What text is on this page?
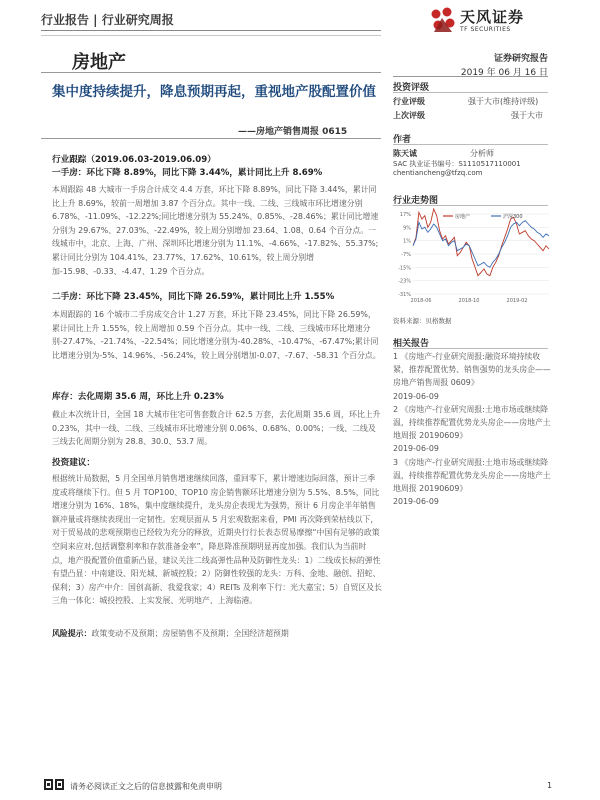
行业报告 | 行业研究周报	天风证券
TF SECURITIES
房地产	证券研究报告
2019 年 06 月 16 日
集中度持续提升，降息预期再起，重视地产股配置价值
——房地产销售周报 0615
投资评级
行业评级	强于大市(维持评级)
上次评级	强于大市
作者
陈天诚	分析师
SAC 执业证书编号：S1110517110001
chentiancheng@tfzq.com
行业走势图
17%
9%
1%
-7%
-15%
-23%
-31%
2018-06	2018-10	2019-02
房地产	沪深300
资料来源：贝格数据
相关报告
1 《房地产-行业研究周报:融资环境持续收紧，推荐配置优势、销售强势的龙头房企——房地产销售周报 0609》
2019-06-09
2 《房地产-行业研究周报:土地市场或继续降温，持续推荐配置优势龙头房企——房地产土地周报 20190609》
2019-06-09
3 《房地产-行业研究周报:土地市场或继续降温，持续推荐配置优势龙头房企——房地产土地周报 20190609》
2019-06-09
行业跟踪（2019.06.03-2019.06.09）
一手房：环比下降 8.89%，同比下降 3.44%，累计同比上升 8.69%
本周跟踪 48 大城市一手房合计成交 4.4 万套，环比下降 8.89%，同比下降 3.44%，累计同比上升 8.69%，较前一周增加 3.87 个百分点。其中一线、二线、三线城市环比增速分别 6.78%、-11.09%、-12.22%;同比增速分别为 55.24%、0.85%、-28.46%；累计同比增速分别为 29.67%、27.03%、-22.49%，较上周分别增加 23.64、1.08、0.64 个百分点。一线城市中，北京、上海、广州、深圳环比增速分别为 11.1%、-4.66%、-17.82%、55.37%;累计同比分别为 104.41%、23.77%、17.62%、10.61%，较上周分别增加-15.98、-0.33、-4.47、1.29 个百分点。
二手房：环比下降 23.45%，同比下降 26.59%，累计同比上升 1.55%
本周跟踪的 16 个城市二手房成交合计 1.27 万套，环比下降 23.45%，同比下降 26.59%，累计同比上升 1.55%，较上周增加 0.59 个百分点。其中一线、二线、三线城市环比增速分别-27.47%、-21.74%、-22.54%；同比增速分别为-40.28%、-10.47%、-67.47%;累计同比增速分别为-5%、14.96%、-56.24%，较上周分别增加-0.07、-7.67、-58.31 个百分点。
库存：去化周期 35.6 周，环比上升 0.23%
截止本次统计日，全国 18 大城市住宅可售套数合计 62.5 万套，去化周期 35.6 周，环比上升 0.23%，其中一线、二线、三线城市环比增速分别 0.06%、0.68%、0.00%；一线、二线及三线去化周期分别为 28.8、30.0、53.7 周。
投资建议：
根据统计局数据，5 月全国单月销售增速继续回落，重回零下，累计增速边际回落，预计三季度或将继续下行。但 5 月 TOP100、TOP10 房企销售额环比增速分别为 5.5%、8.5%，同比增速分别为 16%、18%，集中度继续提升，龙头房企表现尤为强势，预计 6 月房企半年销售额冲量或将继续表现出一定韧性。宏观层面从 5 月宏观数据来看，PMI 再次降到荣枯线以下，对于贸易战的悲观预期也已经较为充分的释放，近期央行行长表态贸易摩擦“中国有足够的政策空间来应对,包括调整利率和存款准备金率”，降息降准预期明显再度加强。我们认为当前时点，地产股配置价值重新凸显，建议关注二线高弹性品种及防御性龙头：1）二线成长标的弹性有望凸显：中南建设、阳光城、新城控股；2）防御性较强的龙头：万科、金地、融创、招蛇、保利；3）房产中介：国创高新、我爱我家；4）REITs 及利率下行：光大嘉宝；5）自贸区及长三角一体化：城投控股、上实发展、光明地产、上海临港。
风险提示：政策变动不及预期；房屋销售不及预期；全国经济超预期
请务必阅读正文之后的信息披露和免责申明	1
